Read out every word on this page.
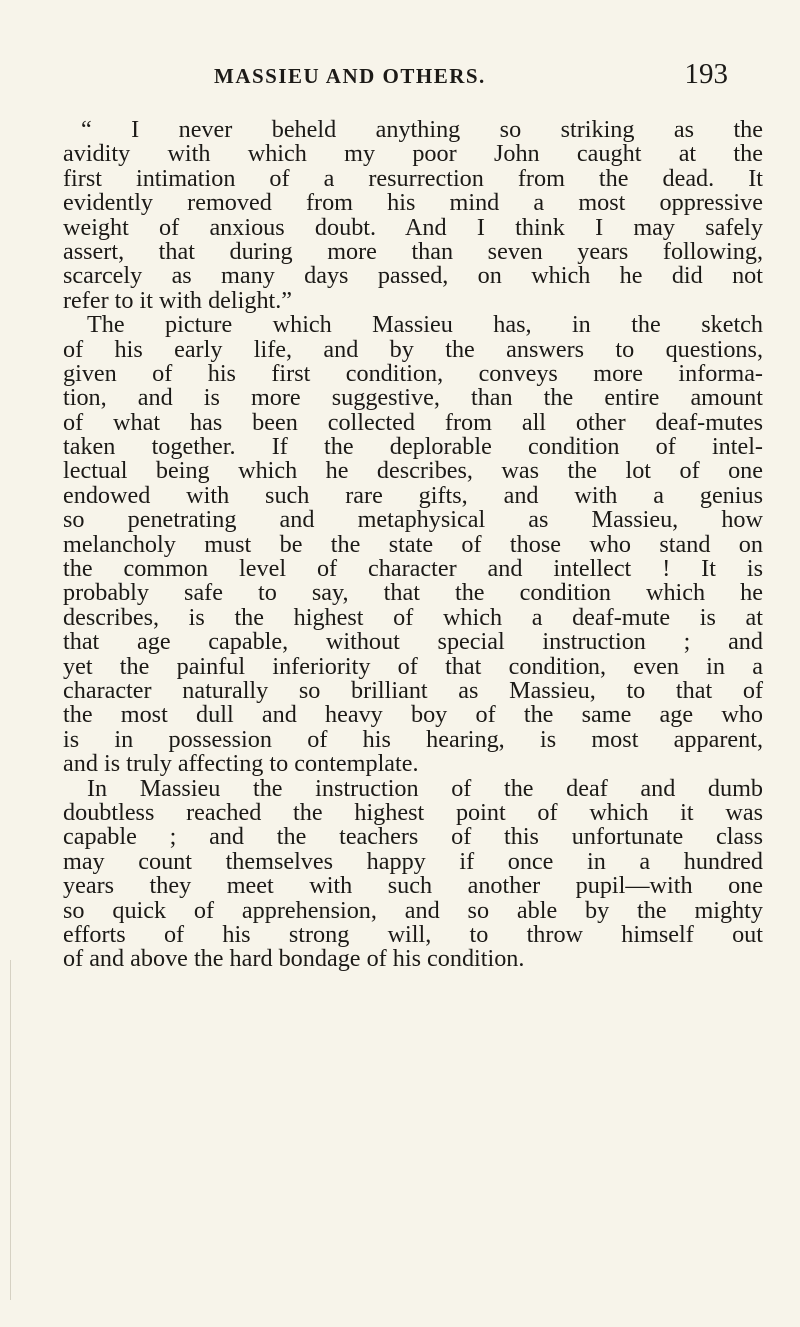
MASSIEU AND OTHERS.	193
“ I never beheld anything so striking as the
avidity with which my poor John caught at the
first intimation of a resurrection from the dead. It
evidently removed from his mind a most oppressive
weight of anxious doubt. And I think I may safely
assert, that during more than seven years following,
scarcely as many days passed, on which he did not
refer to it with delight.”
The picture which Massieu has, in the sketch
of his early life, and by the answers to questions,
given of his first condition, conveys more informa-
tion, and is more suggestive, than the entire amount
of what has been collected from all other deaf-mutes
taken together. If the deplorable condition of intel-
lectual being which he describes, was the lot of one
endowed with such rare gifts, and with a genius
so penetrating and metaphysical as Massieu, how
melancholy must be the state of those who stand on
the common level of character and intellect ! It is
probably safe to say, that the condition which he
describes, is the highest of which a deaf-mute is at
that age capable, without special instruction ; and
yet the painful inferiority of that condition, even in a
character naturally so brilliant as Massieu, to that of
the most dull and heavy boy of the same age who
is in possession of his hearing, is most apparent,
and is truly affecting to contemplate.
In Massieu the instruction of the deaf and dumb
doubtless reached the highest point of which it was
capable ; and the teachers of this unfortunate class
may count themselves happy if once in a hundred
years they meet with such another pupil—with one
so quick of apprehension, and so able by the mighty
efforts of his strong will, to throw himself out
of and above the hard bondage of his condition.
